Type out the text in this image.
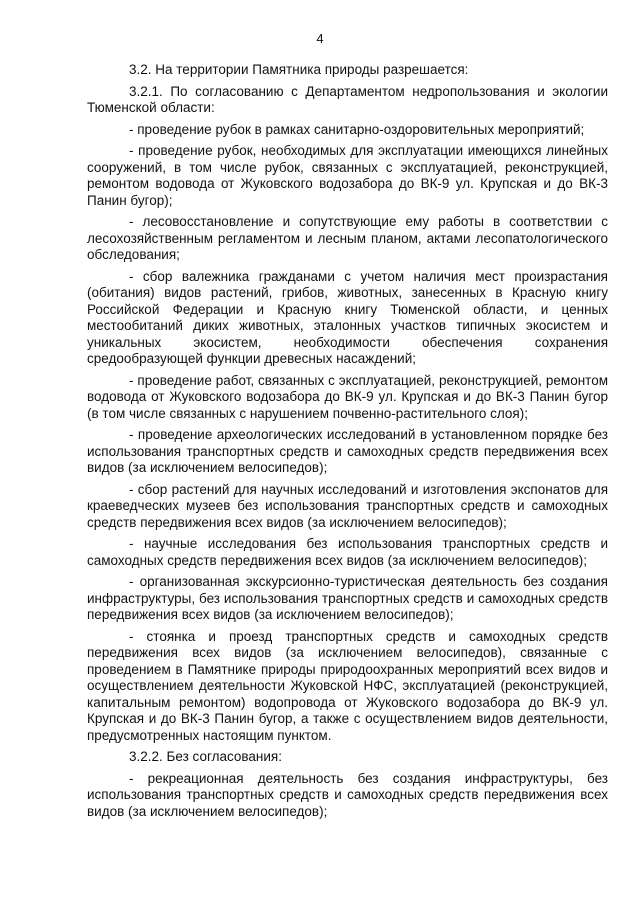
4

3.2. На территории Памятника природы разрешается:

3.2.1. По согласованию с Департаментом недропользования и экологии Тюменской области:

- проведение рубок в рамках санитарно-оздоровительных мероприятий;

- проведение рубок, необходимых для эксплуатации имеющихся линейных сооружений, в том числе рубок, связанных с эксплуатацией, реконструкцией, ремонтом водовода от Жуковского водозабора до ВК-9 ул. Крупская и до ВК-3 Панин бугор);

- лесовосстановление и сопутствующие ему работы в соответствии с лесохозяйственным регламентом и лесным планом, актами лесопатологического обследования;

- сбор валежника гражданами с учетом наличия мест произрастания (обитания) видов растений, грибов, животных, занесенных в Красную книгу Российской Федерации и Красную книгу Тюменской области, и ценных местообитаний диких животных, эталонных участков типичных экосистем и уникальных экосистем, необходимости обеспечения сохранения средообразующей функции древесных насаждений;

- проведение работ, связанных с эксплуатацией, реконструкцией, ремонтом водовода от Жуковского водозабора до ВК-9 ул. Крупская и до ВК-3 Панин бугор (в том числе связанных с нарушением почвенно-растительного слоя);

- проведение археологических исследований в установленном порядке без использования транспортных средств и самоходных средств передвижения всех видов (за исключением велосипедов);

- сбор растений для научных исследований и изготовления экспонатов для краеведческих музеев без использования транспортных средств и самоходных средств передвижения всех видов (за исключением велосипедов);

- научные исследования без использования транспортных средств и самоходных средств передвижения всех видов (за исключением велосипедов);

- организованная экскурсионно-туристическая деятельность без создания инфраструктуры, без использования транспортных средств и самоходных средств передвижения всех видов (за исключением велосипедов);

- стоянка и проезд транспортных средств и самоходных средств передвижения всех видов (за исключением велосипедов), связанные с проведением в Памятнике природы природоохранных мероприятий всех видов и осуществлением деятельности Жуковской НФС, эксплуатацией (реконструкцией, капитальным ремонтом) водопровода от Жуковского водозабора до ВК-9 ул. Крупская и до ВК-3 Панин бугор, а также с осуществлением видов деятельности, предусмотренных настоящим пунктом.

3.2.2. Без согласования:

- рекреационная деятельность без создания инфраструктуры, без использования транспортных средств и самоходных средств передвижения всех видов (за исключением велосипедов);
